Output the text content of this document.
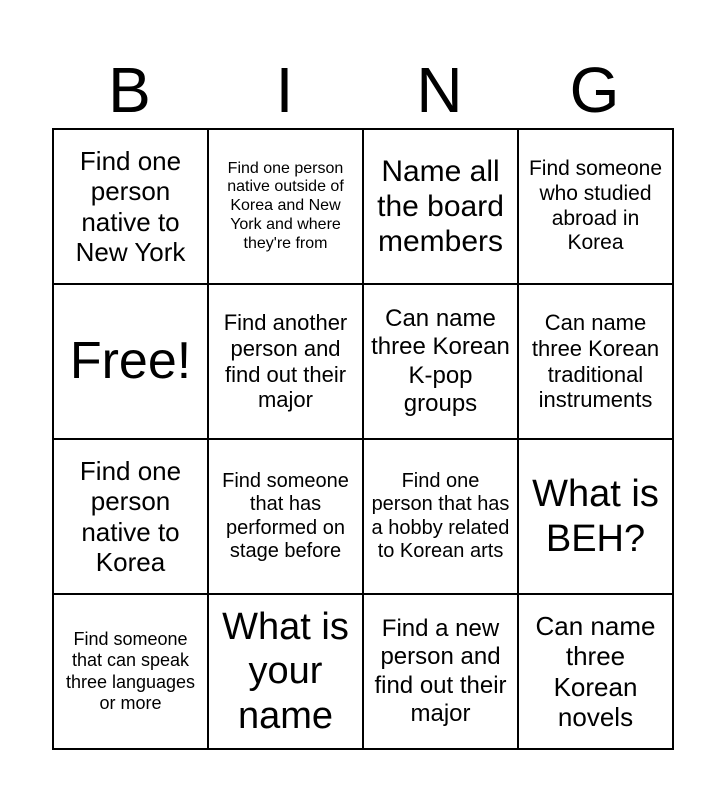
B	I	N	G
Find one person native to New York	Find one person native outside of Korea and New York and where they're from	Name all the board members	Find someone who studied abroad in Korea
Free!	Find another person and find out their major	Can name three Korean K-pop groups	Can name three Korean traditional instruments
Find one person native to Korea	Find someone that has performed on stage before	Find one person that has a hobby related to Korean arts	What is BEH?
Find someone that can speak three languages or more	What is your name	Find a new person and find out their major	Can name three Korean novels
